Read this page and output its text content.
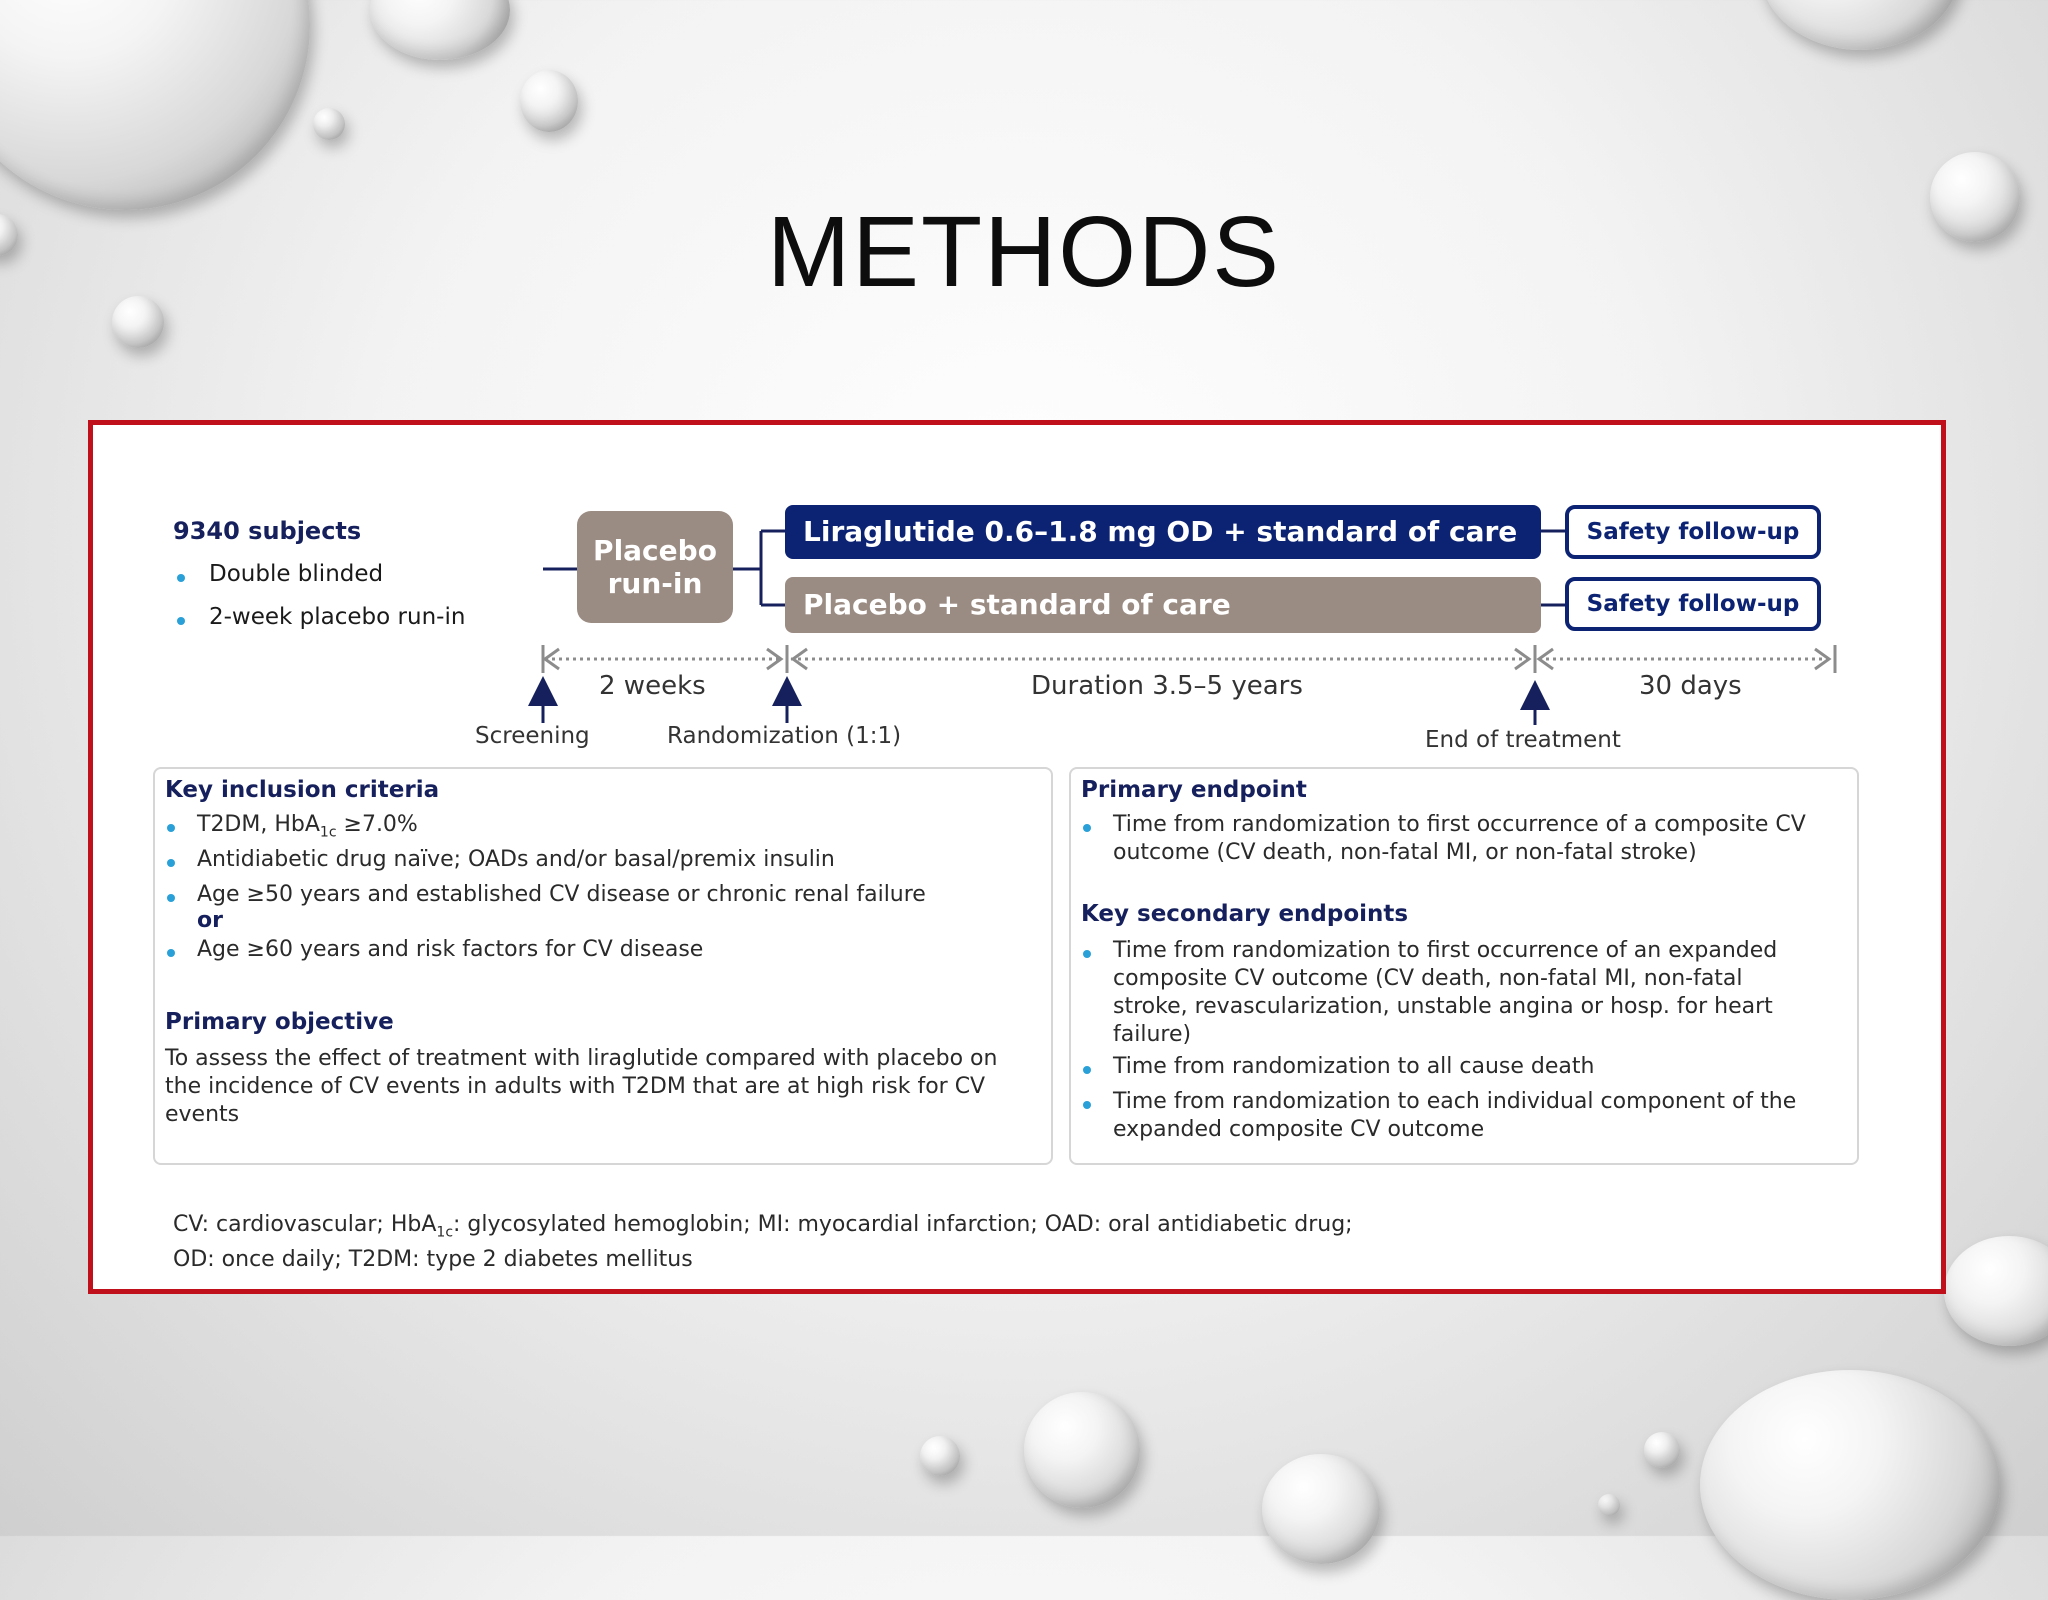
METHODS
9340 subjects
Double blinded
2-week placebo run-in
Placebo
run-in
Liraglutide 0.6–1.8 mg OD + standard of care
Placebo + standard of care
Safety follow-up
Safety follow-up
2 weeks	Duration 3.5–5 years	30 days
Screening	Randomization (1:1)	End of treatment
Key inclusion criteria
T2DM, HbA$_{1c}$ ≥7.0%
Antidiabetic drug naïve; OADs and/or basal/premix insulin
Age ≥50 years and established CV disease or chronic renal failure
or
Age ≥60 years and risk factors for CV disease
Primary objective
To assess the effect of treatment with liraglutide compared with placebo on
the incidence of CV events in adults with T2DM that are at high risk for CV
events
Primary endpoint
Time from randomization to first occurrence of a composite CV
outcome (CV death, non-fatal MI, or non-fatal stroke)
Key secondary endpoints
Time from randomization to first occurrence of an expanded
composite CV outcome (CV death, non-fatal MI, non-fatal
stroke, revascularization, unstable angina or hosp. for heart
failure)
Time from randomization to all cause death
Time from randomization to each individual component of the
expanded composite CV outcome
CV: cardiovascular; HbA$_{1c}$: glycosylated hemoglobin; MI: myocardial infarction; OAD: oral antidiabetic drug;
OD: once daily; T2DM: type 2 diabetes mellitus
